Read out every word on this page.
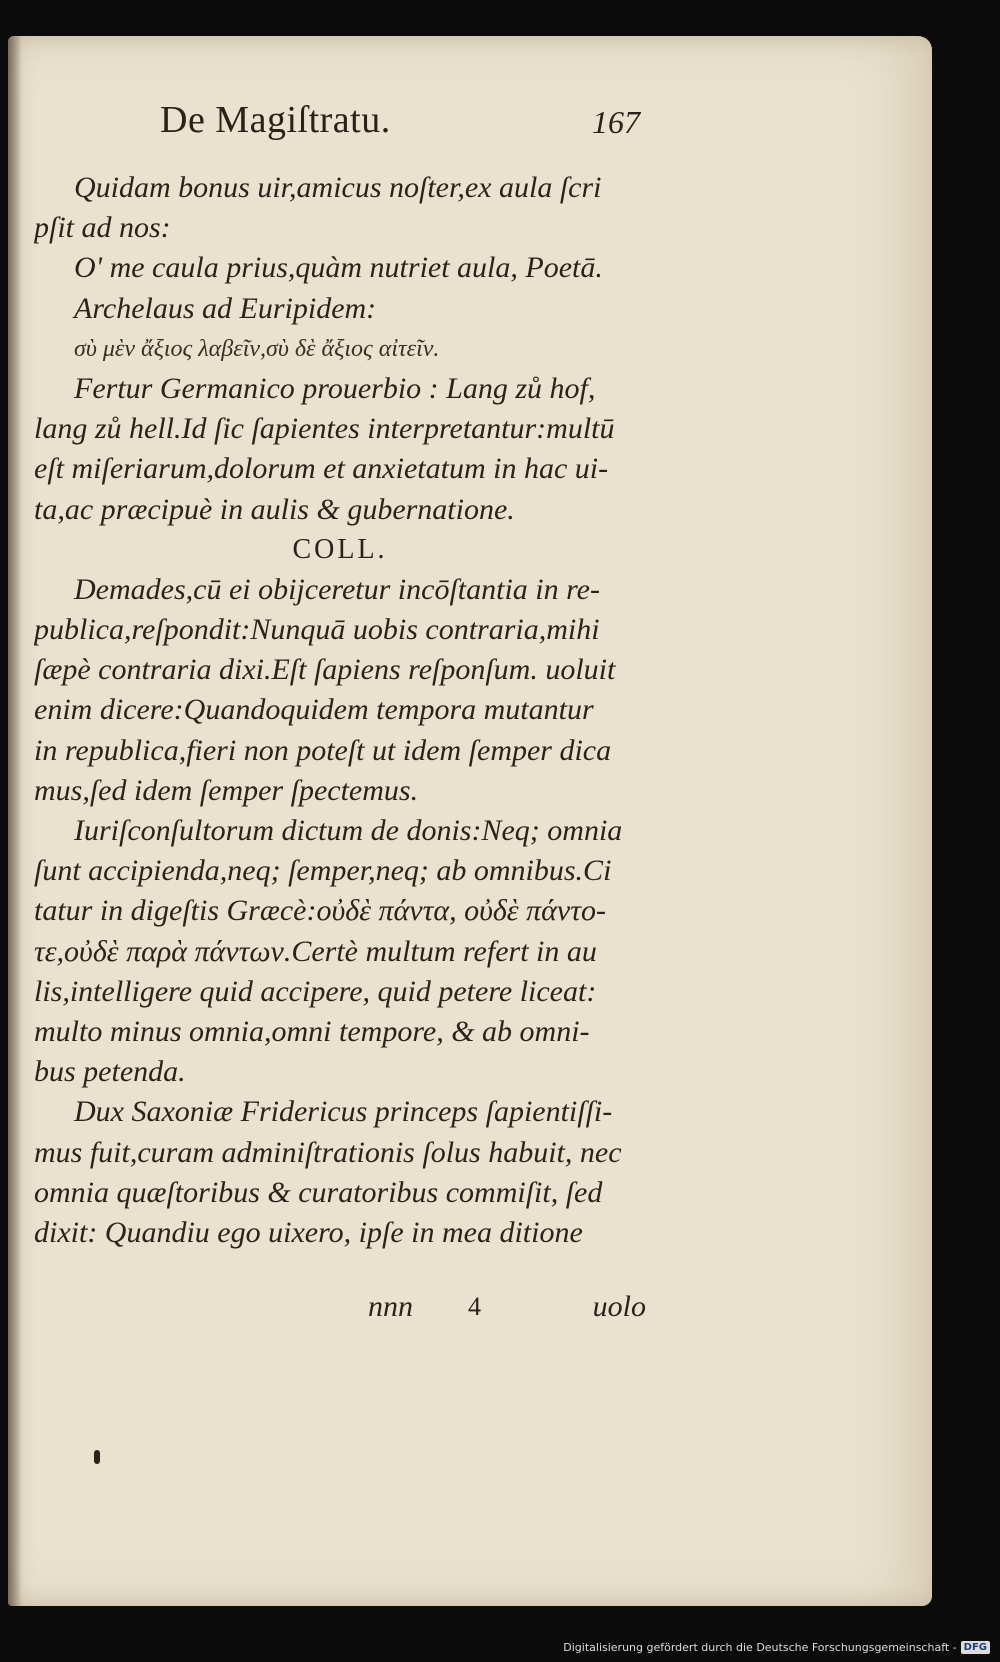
De Magiſtratu.	167
Quidam bonus uir,amicus noſter,ex aula ſcri
pſit ad nos:
O' me caula prius,quàm nutriet aula, Poetā.
Archelaus ad Euripidem:
σὺ μὲν ἄξιος λαβεῖν,σὺ δὲ ἄξιος αἰτεῖν.
Fertur Germanico prouerbio : Lang zů hof,
lang zů hell.Id ſic ſapientes interpretantur:multū
eſt miſeriarum,dolorum et anxietatum in hac ui-
ta,ac præcipuè in aulis & gubernatione.
COLL.
Demades,cū ei obijceretur incōſtantia in re-
publica,reſpondit:Nunquā uobis contraria,mihi
ſæpè contraria dixi.Eſt ſapiens reſponſum. uoluit
enim dicere:Quandoquidem tempora mutantur
in republica,fieri non poteſt ut idem ſemper dica
mus,ſed idem ſemper ſpectemus.
Iuriſconſultorum dictum de donis:Neq; omnia
ſunt accipienda,neq; ſemper,neq; ab omnibus.Ci
tatur in digeſtis Græcè:οὐδὲ πάντα, οὐδὲ πάντο-
τε,οὐδὲ παρὰ πάντων.Certè multum refert in au
lis,intelligere quid accipere, quid petere liceat:
multo minus omnia,omni tempore, & ab omni-
bus petenda.
Dux Saxoniæ Fridericus princeps ſapientiſſi-
mus fuit,curam adminiſtrationis ſolus habuit, nec
omnia quæſtoribus & curatoribus commiſit, ſed
dixit: Quandiu ego uixero, ipſe in mea ditione
nnn 4	uolo
Digitalisierung gefördert durch die Deutsche Forschungsgemeinschaft - DFG
